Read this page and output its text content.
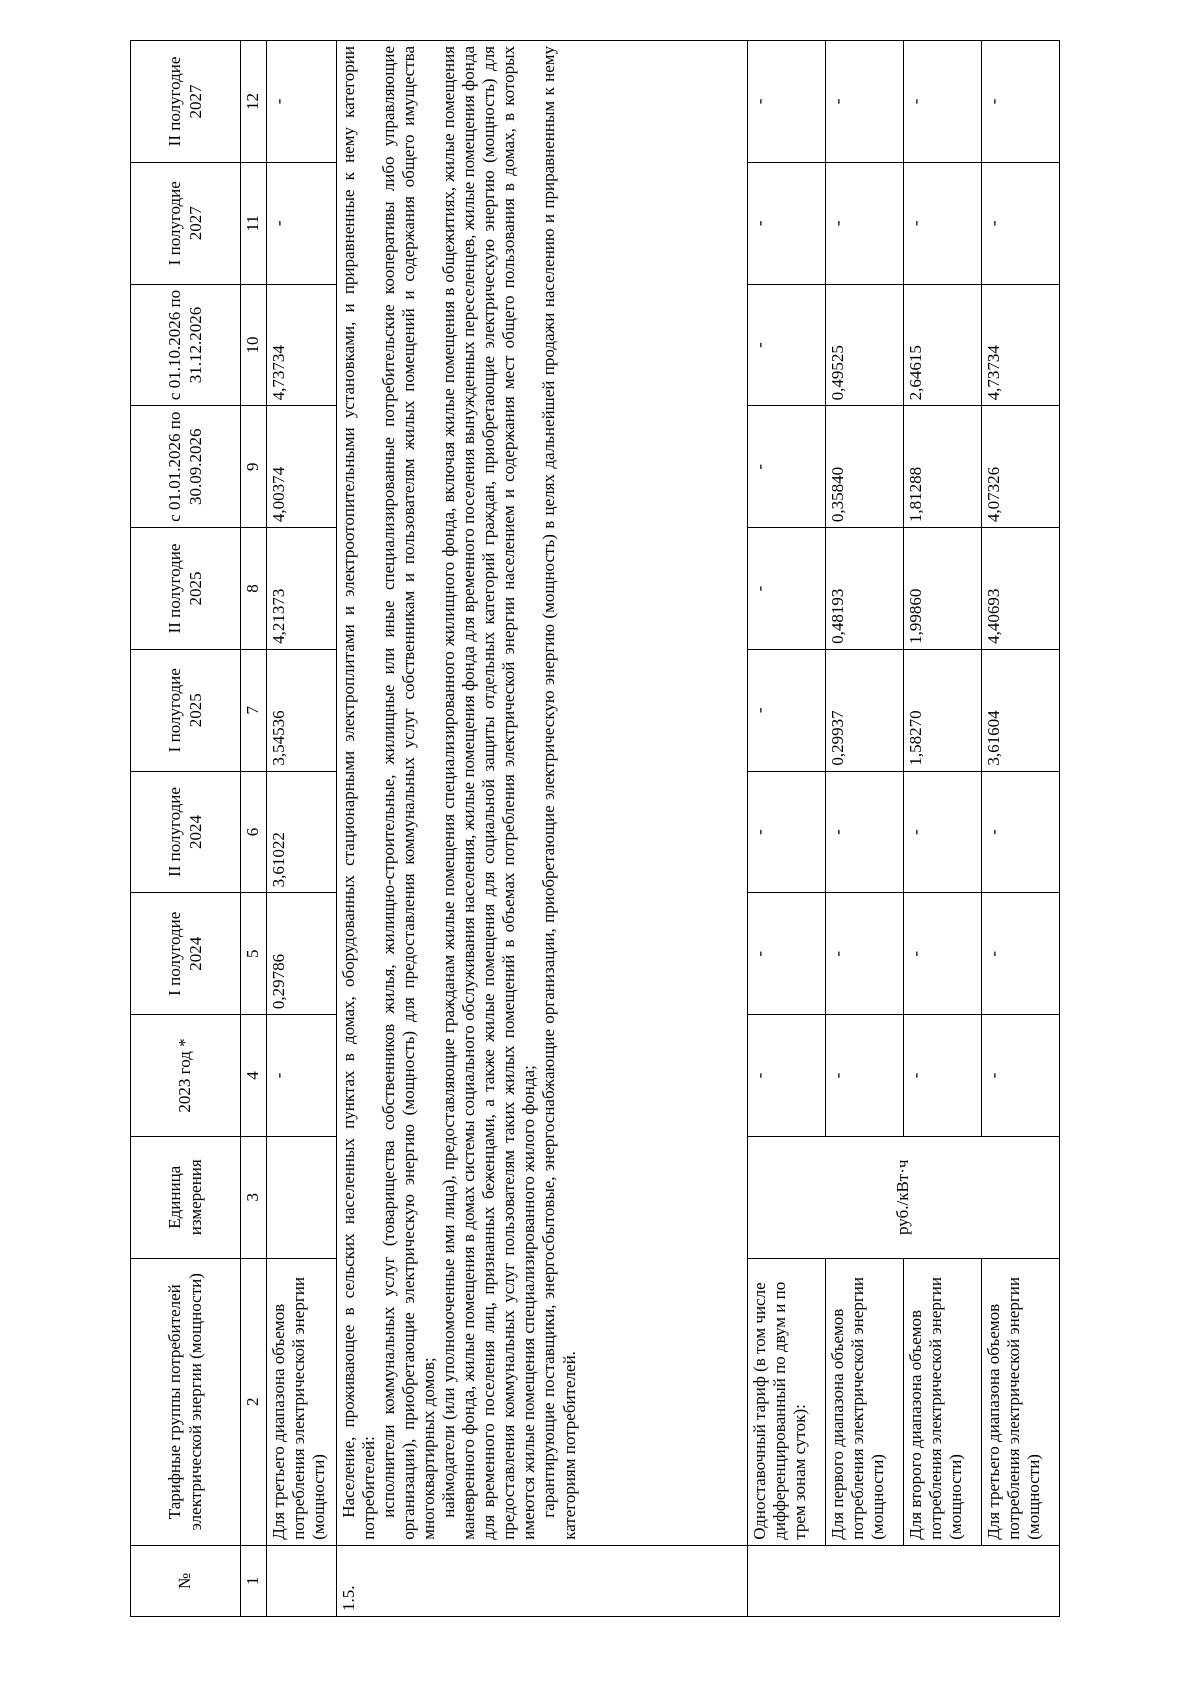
№	Тарифные группы потребителей электрической энергии (мощности)	Единица измерения	2023 год *	I полугодие 2024	II полугодие 2024	I полугодие 2025	II полугодие 2025	с 01.01.2026 по 30.09.2026	с 01.10.2026 по 31.12.2026	I полугодие 2027	II полугодие 2027
1	2	3	4	5	6	7	8	9	10	11	12
	Для третьего диапазона объемов потребления электрической энергии (мощности)		-	0,29786	3,61022	3,54536	4,21373	4,00374	4,73734	-	-
1.5.	Население, проживающее в сельских населенных пунктах в домах, оборудованных стационарными электроплитами и электроотопительными установками, и приравненные к нему категории потребителей: исполнители коммунальных услуг (товарищества собственников жилья, жилищно-строительные, жилищные или иные специализированные потребительские кооперативы либо управляющие организации), приобретающие электрическую энергию (мощность) для предоставления коммунальных услуг собственникам и пользователям жилых помещений и содержания общего имущества многоквартирных домов; наймодатели (или уполномоченные ими лица), предоставляющие гражданам жилые помещения специализированного жилищного фонда, включая жилые помещения в общежитиях, жилые помещения маневренного фонда, жилые помещения в домах системы социального обслуживания населения, жилые помещения фонда для временного поселения вынужденных переселенцев, жилые помещения фонда для временного поселения лиц, признанных беженцами, а также жилые помещения для социальной защиты отдельных категорий граждан, приобретающие электрическую энергию (мощность) для предоставления коммунальных услуг пользователям таких жилых помещений в объемах потребления электрической энергии населением и содержания мест общего пользования в домах, в которых имеются жилые помещения специализированного жилого фонда; гарантирующие поставщики, энергосбытовые, энергоснабжающие организации, приобретающие электрическую энергию (мощность) в целях дальнейшей продажи населению и приравненным к нему категориям потребителей.										

	Одноставочный тариф (в том числе дифференцированный по двум и по трем зонам суток):	руб./кВт·ч	-	-	-	-	-	-	-	-	-
	Для первого диапазона объемов потребления электрической энергии (мощности)		-	-	-	0,29937	0,48193	0,35840	0,49525	-	-
	Для второго диапазона объемов потребления электрической энергии (мощности)		-	-	-	1,58270	1,99860	1,81288	2,64615	-	-
	Для третьего диапазона объемов потребления электрической энергии (мощности)		-	-	-	3,61604	4,40693	4,07326	4,73734	-	-
